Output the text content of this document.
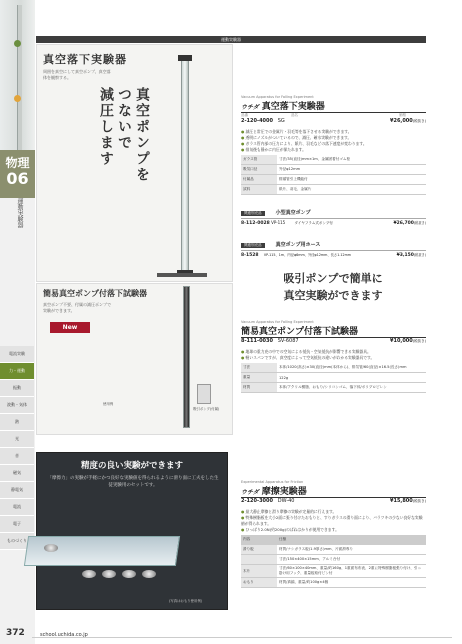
物理
06
運動実験器
電流実験
力・運動
振動
波動・気体
熱
光
音
磁気
静電気
電流
電子
ものづくり
運動実験器
真空落下実験器
周囲を真空にして真空ポンプ、真空落体を観察する。
真空ポンプを
つないで
減圧します	Vacuum Apparatus for Falling Experiment
ウチダ 真空落下実験器
品番	品名	価格
2-120-4000 SG	¥26,000(税抜き)
● 減圧と常圧での金属片・羽毛等を落下させる実験ができます。
● 透明にノズルがついているので、減圧、確水実験ができます。
● ガラス管内部の圧力により、紙片、羽毛などの落下速度が変わります。
● 排気後も静かに内圧が保たれます。
ガラス管	寸法/35(直径)mm×1m、金属固着付ゴム栓
吸気口径	外径φ12mm
付属品	排頭管引上機能付
試料	紙片、羽毛、金属片
関連別売品	小型真空ポンプ
8-112-0028 VP-115	ダイヤフラム式ポンプ付	¥26,700(税抜き)
関連別売品	真空ポンプ用ホース
8-1528 VP-115、1m、内径φ6mm、外径φ12mm、長さ1.12mm	¥3,150(税抜き)
簡易真空ポンプ付落下試験器
真空ポンプ不要、付属の減圧ポンプで実験ができます。
使用例
吸引ポンプ(付属)
New
吸引ポンプで簡単に
真空実験ができます
Vacuum Apparatus for Falling Experiment
簡易真空ポンプ付落下試験器
8-111-0030 SV-6087	¥10,000(税抜き)
● 地球の重力充の中での空気による抵抗・空気抵抗が影響できる実験器具。
● 軽いスパンですが、真空度によって空気抵抗の違いがわかる実験器具です。
寸法	本体/1020(高さ)×30(直径)mm(本体から)、排気管/60(直径)×16.5(長さ)mm
重量	122g
材質	本体/アクリル樹脂、おもり/シリコンゴム、落下体/ポリプロピレン
精度の良い実験ができます
「摩擦力」の実験が手軽にかつ良好な実験値を得られるように滑り面に工夫をした生徒実験用のセットです。
(写真はおもり使用例)
Experimental Apparatus for Friction
ウチダ 摩擦実験器
2-120-3000 DW-40	¥15,800(税抜き)
● 最大静止摩擦と滑り摩擦の実験が定量的に行えます。
● 特殊樹脂板を大小2面に張り付けたおもりと、すりガラスの滑り面により、バラツキの少ない良好な実験値が得られます。
● ひっぱり2.0N(約200g)のばねはかりが使用できます。
内容	仕様
滑り板	材質/ナシガラス板(1.9厚さ)mm、片面滑専り
	寸法/150×400×15mm、アルミ台付
木片	寸法/60×100×40mm、重量/約160g、1重面布布表、2重に特殊樹脂板張り付け、引っ掛け用フック、重量板取付ピン付
おもり	材質/真鍮、重量/約100g×4個
372	school.uchida.co.jp
